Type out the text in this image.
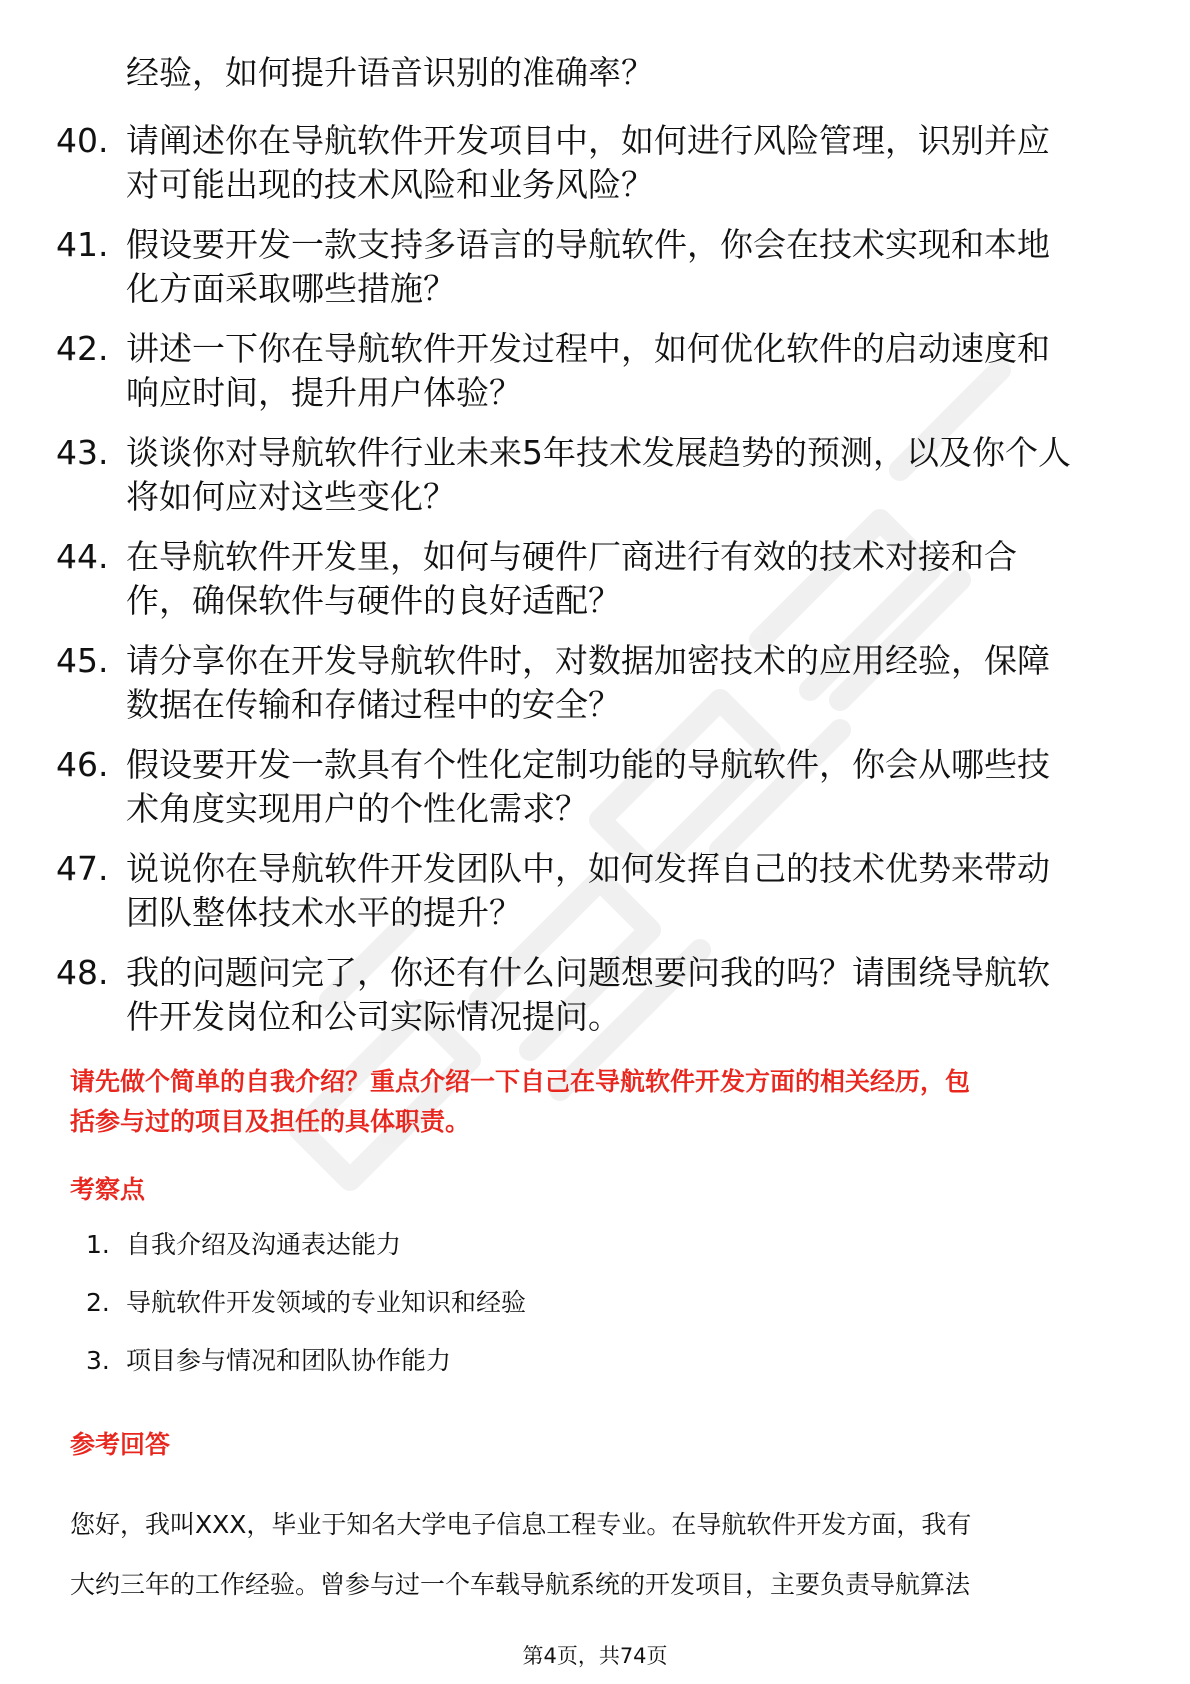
经验，如何提升语音识别的准确率？
40. 请阐述你在导航软件开发项目中，如何进行风险管理，识别并应
对可能出现的技术风险和业务风险？
41. 假设要开发一款支持多语言的导航软件，你会在技术实现和本地
化方面采取哪些措施？
42. 讲述一下你在导航软件开发过程中，如何优化软件的启动速度和
响应时间，提升用户体验？
43. 谈谈你对导航软件行业未来5年技术发展趋势的预测，以及你个人
将如何应对这些变化？
44. 在导航软件开发里，如何与硬件厂商进行有效的技术对接和合
作，确保软件与硬件的良好适配？
45. 请分享你在开发导航软件时，对数据加密技术的应用经验，保障
数据在传输和存储过程中的安全？
46. 假设要开发一款具有个性化定制功能的导航软件，你会从哪些技
术角度实现用户的个性化需求？
47. 说说你在导航软件开发团队中，如何发挥自己的技术优势来带动
团队整体技术水平的提升？
48. 我的问题问完了，你还有什么问题想要问我的吗？请围绕导航软
件开发岗位和公司实际情况提问。
请先做个简单的自我介绍？重点介绍一下自己在导航软件开发方面的相关经历，包
括参与过的项目及担任的具体职责。
考察点
1. 自我介绍及沟通表达能力
2. 导航软件开发领域的专业知识和经验
3. 项目参与情况和团队协作能力
参考回答
您好，我叫XXX，毕业于知名大学电子信息工程专业。在导航软件开发方面，我有
大约三年的工作经验。曾参与过一个车载导航系统的开发项目，主要负责导航算法
第4页，共74页
